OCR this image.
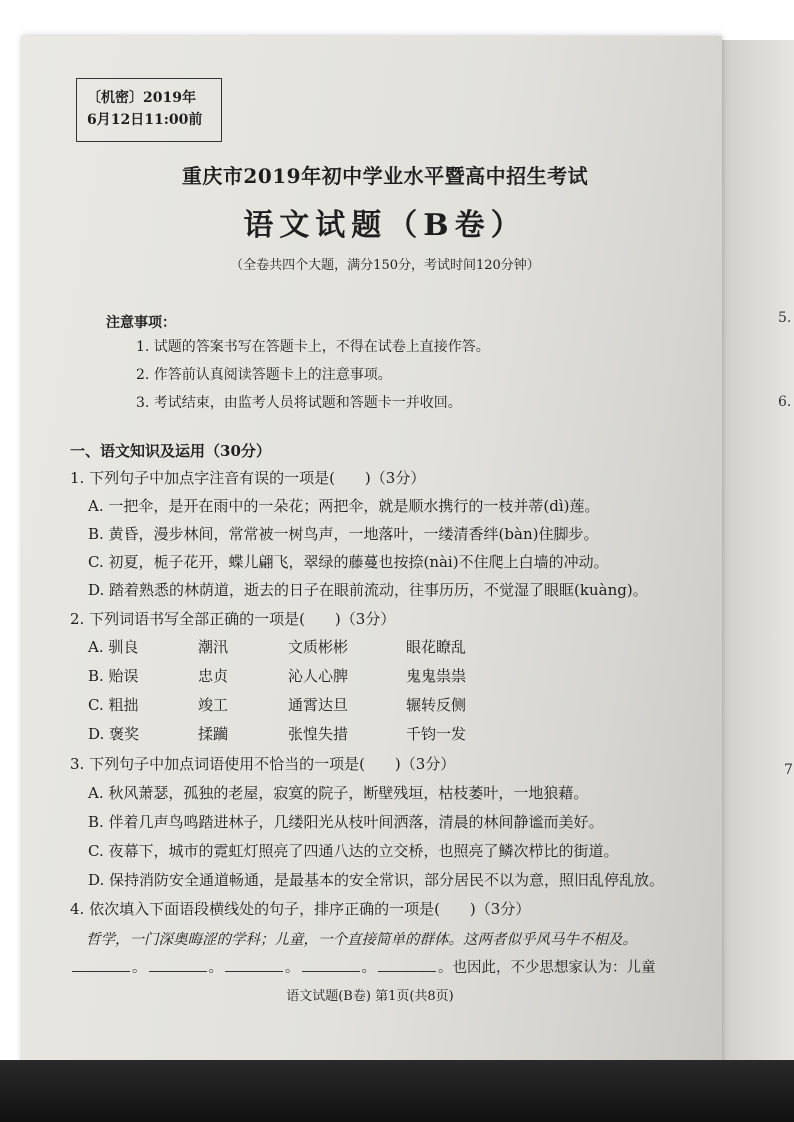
5.
6.
7
〔机密〕2019年
6月12日11:00前
重庆市2019年初中学业水平暨高中招生考试
语文试题（B卷）
（全卷共四个大题，满分150分，考试时间120分钟）
注意事项：
1. 试题的答案书写在答题卡上，不得在试卷上直接作答。
2. 作答前认真阅读答题卡上的注意事项。
3. 考试结束，由监考人员将试题和答题卡一并收回。
一、语文知识及运用（30分）
1. 下列句子中加点字注音有误的一项是(　　)（3分）
A. 一把伞，是开在雨中的一朵花；两把伞，就是顺水携行的一枝并蒂(dì)莲。
B. 黄昏，漫步林间，常常被一树鸟声，一地落叶，一缕清香绊(bàn)住脚步。
C. 初夏，栀子花开，蝶儿翩飞，翠绿的藤蔓也按捺(nài)不住爬上白墙的冲动。
D. 踏着熟悉的林荫道，逝去的日子在眼前流动，往事历历，不觉湿了眼眶(kuàng)。
2. 下列词语书写全部正确的一项是(　　)（3分）
A. 驯良	潮汛	文质彬彬	眼花瞭乱
B. 贻误	忠贞	沁人心脾	鬼鬼祟祟
C. 粗拙	竣工	通霄达旦	辗转反侧
D. 褒奖	揉躏	张惶失措	千钧一发
3. 下列句子中加点词语使用不恰当的一项是(　　)（3分）
A. 秋风萧瑟，孤独的老屋，寂寞的院子，断壁残垣，枯枝萎叶，一地狼藉。
B. 伴着几声鸟鸣踏进林子，几缕阳光从枝叶间洒落，清晨的林间静谧而美好。
C. 夜幕下，城市的霓虹灯照亮了四通八达的立交桥，也照亮了鳞次栉比的街道。
D. 保持消防安全通道畅通，是最基本的安全常识，部分居民不以为意，照旧乱停乱放。
4. 依次填入下面语段横线处的句子，排序正确的一项是(　　)（3分）
哲学，一门深奥晦涩的学科；儿童，一个直接简单的群体。这两者似乎风马牛不相及。
。	。	。	。	。也因此，不少思想家认为：儿童
语文试题(B卷) 第1页(共8页)
